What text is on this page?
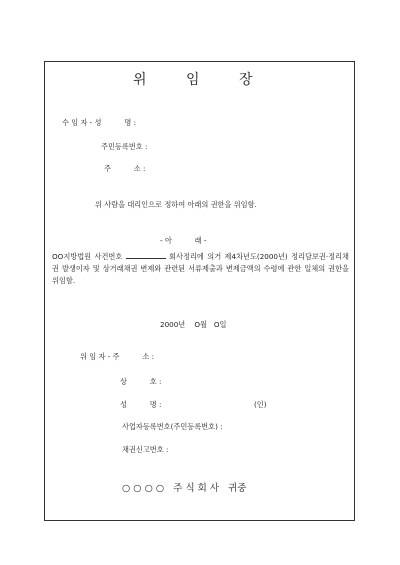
위	임	장
수 임 자 - 성          명 :
주민등록번호 :
주          소 :
위 사람을 대리인으로 정하여 아래의 권한을 위임함.
- 아          래 -
OO지방법원 사건번호	회사정리에 의거 제4차년도(2000년) 정리담보권·정리채권 발생이자 및 상거래채권 변제와 관련된 서류제출과 변제금액의 수령에 관한 일체의 권한을 위임함.
2000년    O월   O일
위 임 자 - 주          소 :
상          호 :
성          명 :	(인)
사업자등록번호(주민등록번호) :
채권신고번호 :
○ ○ ○ ○   주 식 회 사   귀중
